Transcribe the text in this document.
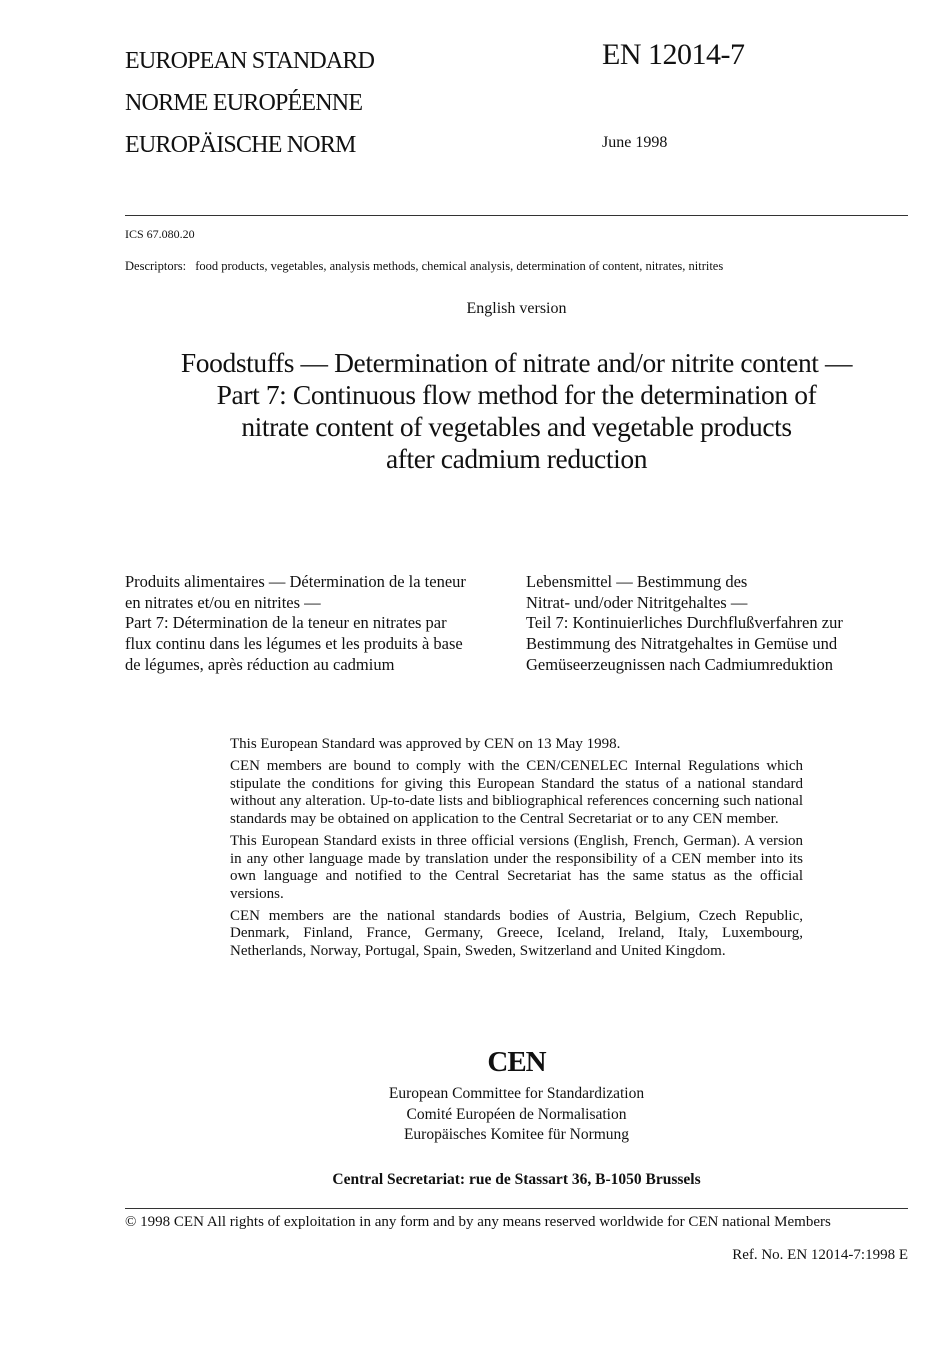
EUROPEAN STANDARD
NORME EUROPÉENNE
EUROPÄISCHE NORM
EN 12014-7
June 1998
ICS 67.080.20
Descriptors: food products, vegetables, analysis methods, chemical analysis, determination of content, nitrates, nitrites
English version
Foodstuffs — Determination of nitrate and/or nitrite content —
Part 7: Continuous flow method for the determination of
nitrate content of vegetables and vegetable products
after cadmium reduction
Produits alimentaires — Détermination de la teneur
en nitrates et/ou en nitrites —
Part 7: Détermination de la teneur en nitrates par
flux continu dans les légumes et les produits à base
de légumes, après réduction au cadmium
Lebensmittel — Bestimmung des
Nitrat- und/oder Nitritgehaltes —
Teil 7: Kontinuierliches Durchflußverfahren zur
Bestimmung des Nitratgehaltes in Gemüse und
Gemüseerzeugnissen nach Cadmiumreduktion

This European Standard was approved by CEN on 13 May 1998.

CEN members are bound to comply with the CEN/CENELEC Internal Regulations which stipulate the conditions for giving this European Standard the status of a national standard without any alteration. Up-to-date lists and bibliographical references concerning such national standards may be obtained on application to the Central Secretariat or to any CEN member.

This European Standard exists in three official versions (English, French, German). A version in any other language made by translation under the responsibility of a CEN member into its own language and notified to the Central Secretariat has the same status as the official versions.

CEN members are the national standards bodies of Austria, Belgium, Czech Republic, Denmark, Finland, France, Germany, Greece, Iceland, Ireland, Italy, Luxembourg, Netherlands, Norway, Portugal, Spain, Sweden, Switzerland and United Kingdom.

CEN
European Committee for Standardization
Comité Européen de Normalisation
Europäisches Komitee für Normung
Central Secretariat: rue de Stassart 36, B-1050 Brussels
© 1998 CEN All rights of exploitation in any form and by any means reserved worldwide for CEN national Members
Ref. No. EN 12014-7:1998 E
